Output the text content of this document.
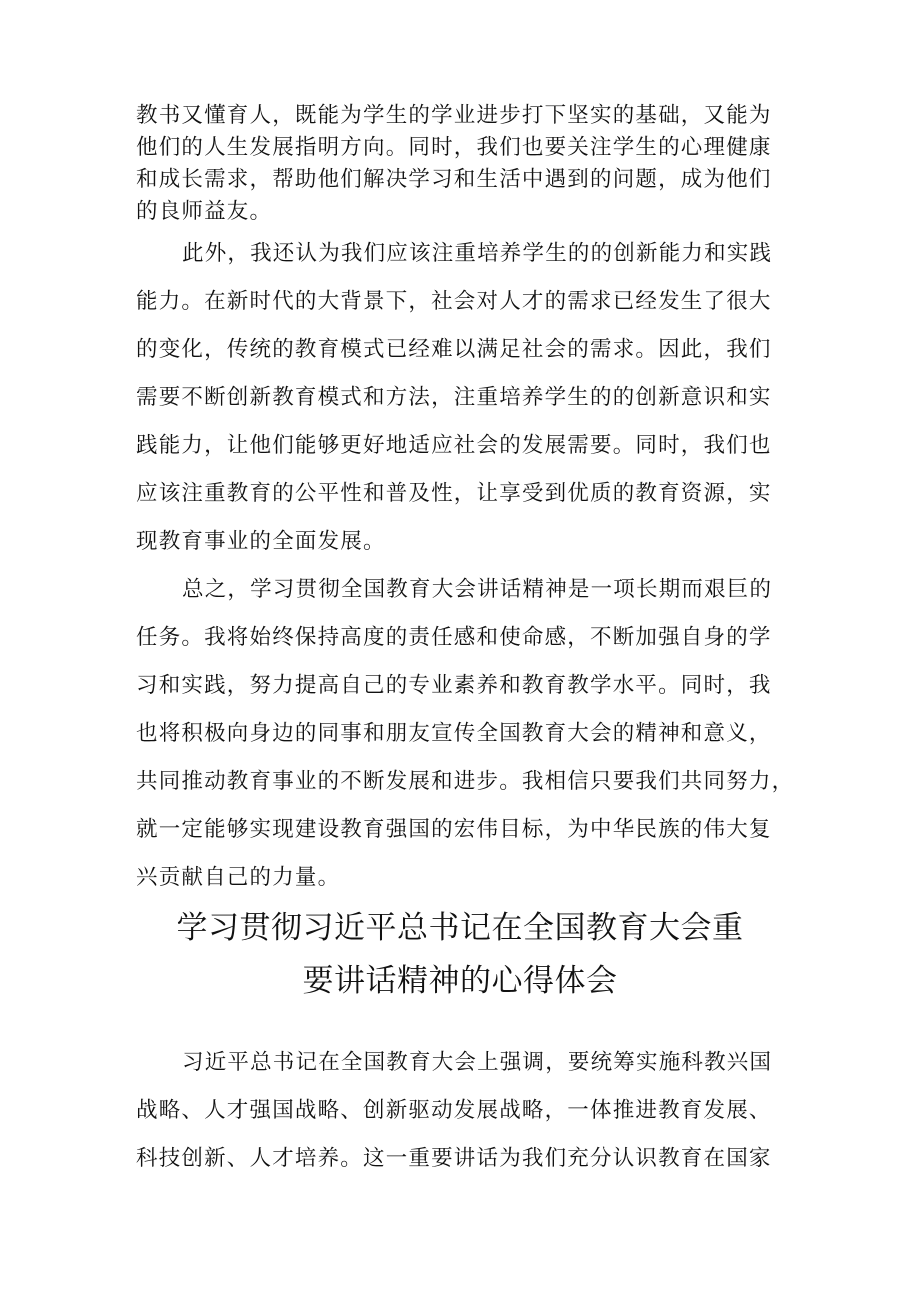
教书又懂育人，既能为学生的学业进步打下坚实的基础，又能为
他们的人生发展指明方向。同时，我们也要关注学生的心理健康
和成长需求，帮助他们解决学习和生活中遇到的问题，成为他们
的良师益友。
此外，我还认为我们应该注重培养学生的的创新能力和实践
能力。在新时代的大背景下，社会对人才的需求已经发生了很大
的变化，传统的教育模式已经难以满足社会的需求。因此，我们
需要不断创新教育模式和方法，注重培养学生的的创新意识和实
践能力，让他们能够更好地适应社会的发展需要。同时，我们也
应该注重教育的公平性和普及性，让享受到优质的教育资源，实
现教育事业的全面发展。
总之，学习贯彻全国教育大会讲话精神是一项长期而艰巨的
任务。我将始终保持高度的责任感和使命感，不断加强自身的学
习和实践，努力提高自己的专业素养和教育教学水平。同时，我
也将积极向身边的同事和朋友宣传全国教育大会的精神和意义，
共同推动教育事业的不断发展和进步。我相信只要我们共同努力，
就一定能够实现建设教育强国的宏伟目标，为中华民族的伟大复
兴贡献自己的力量。
学习贯彻习近平总书记在全国教育大会重
要讲话精神的心得体会
习近平总书记在全国教育大会上强调，要统筹实施科教兴国
战略、人才强国战略、创新驱动发展战略，一体推进教育发展、
科技创新、人才培养。这一重要讲话为我们充分认识教育在国家
